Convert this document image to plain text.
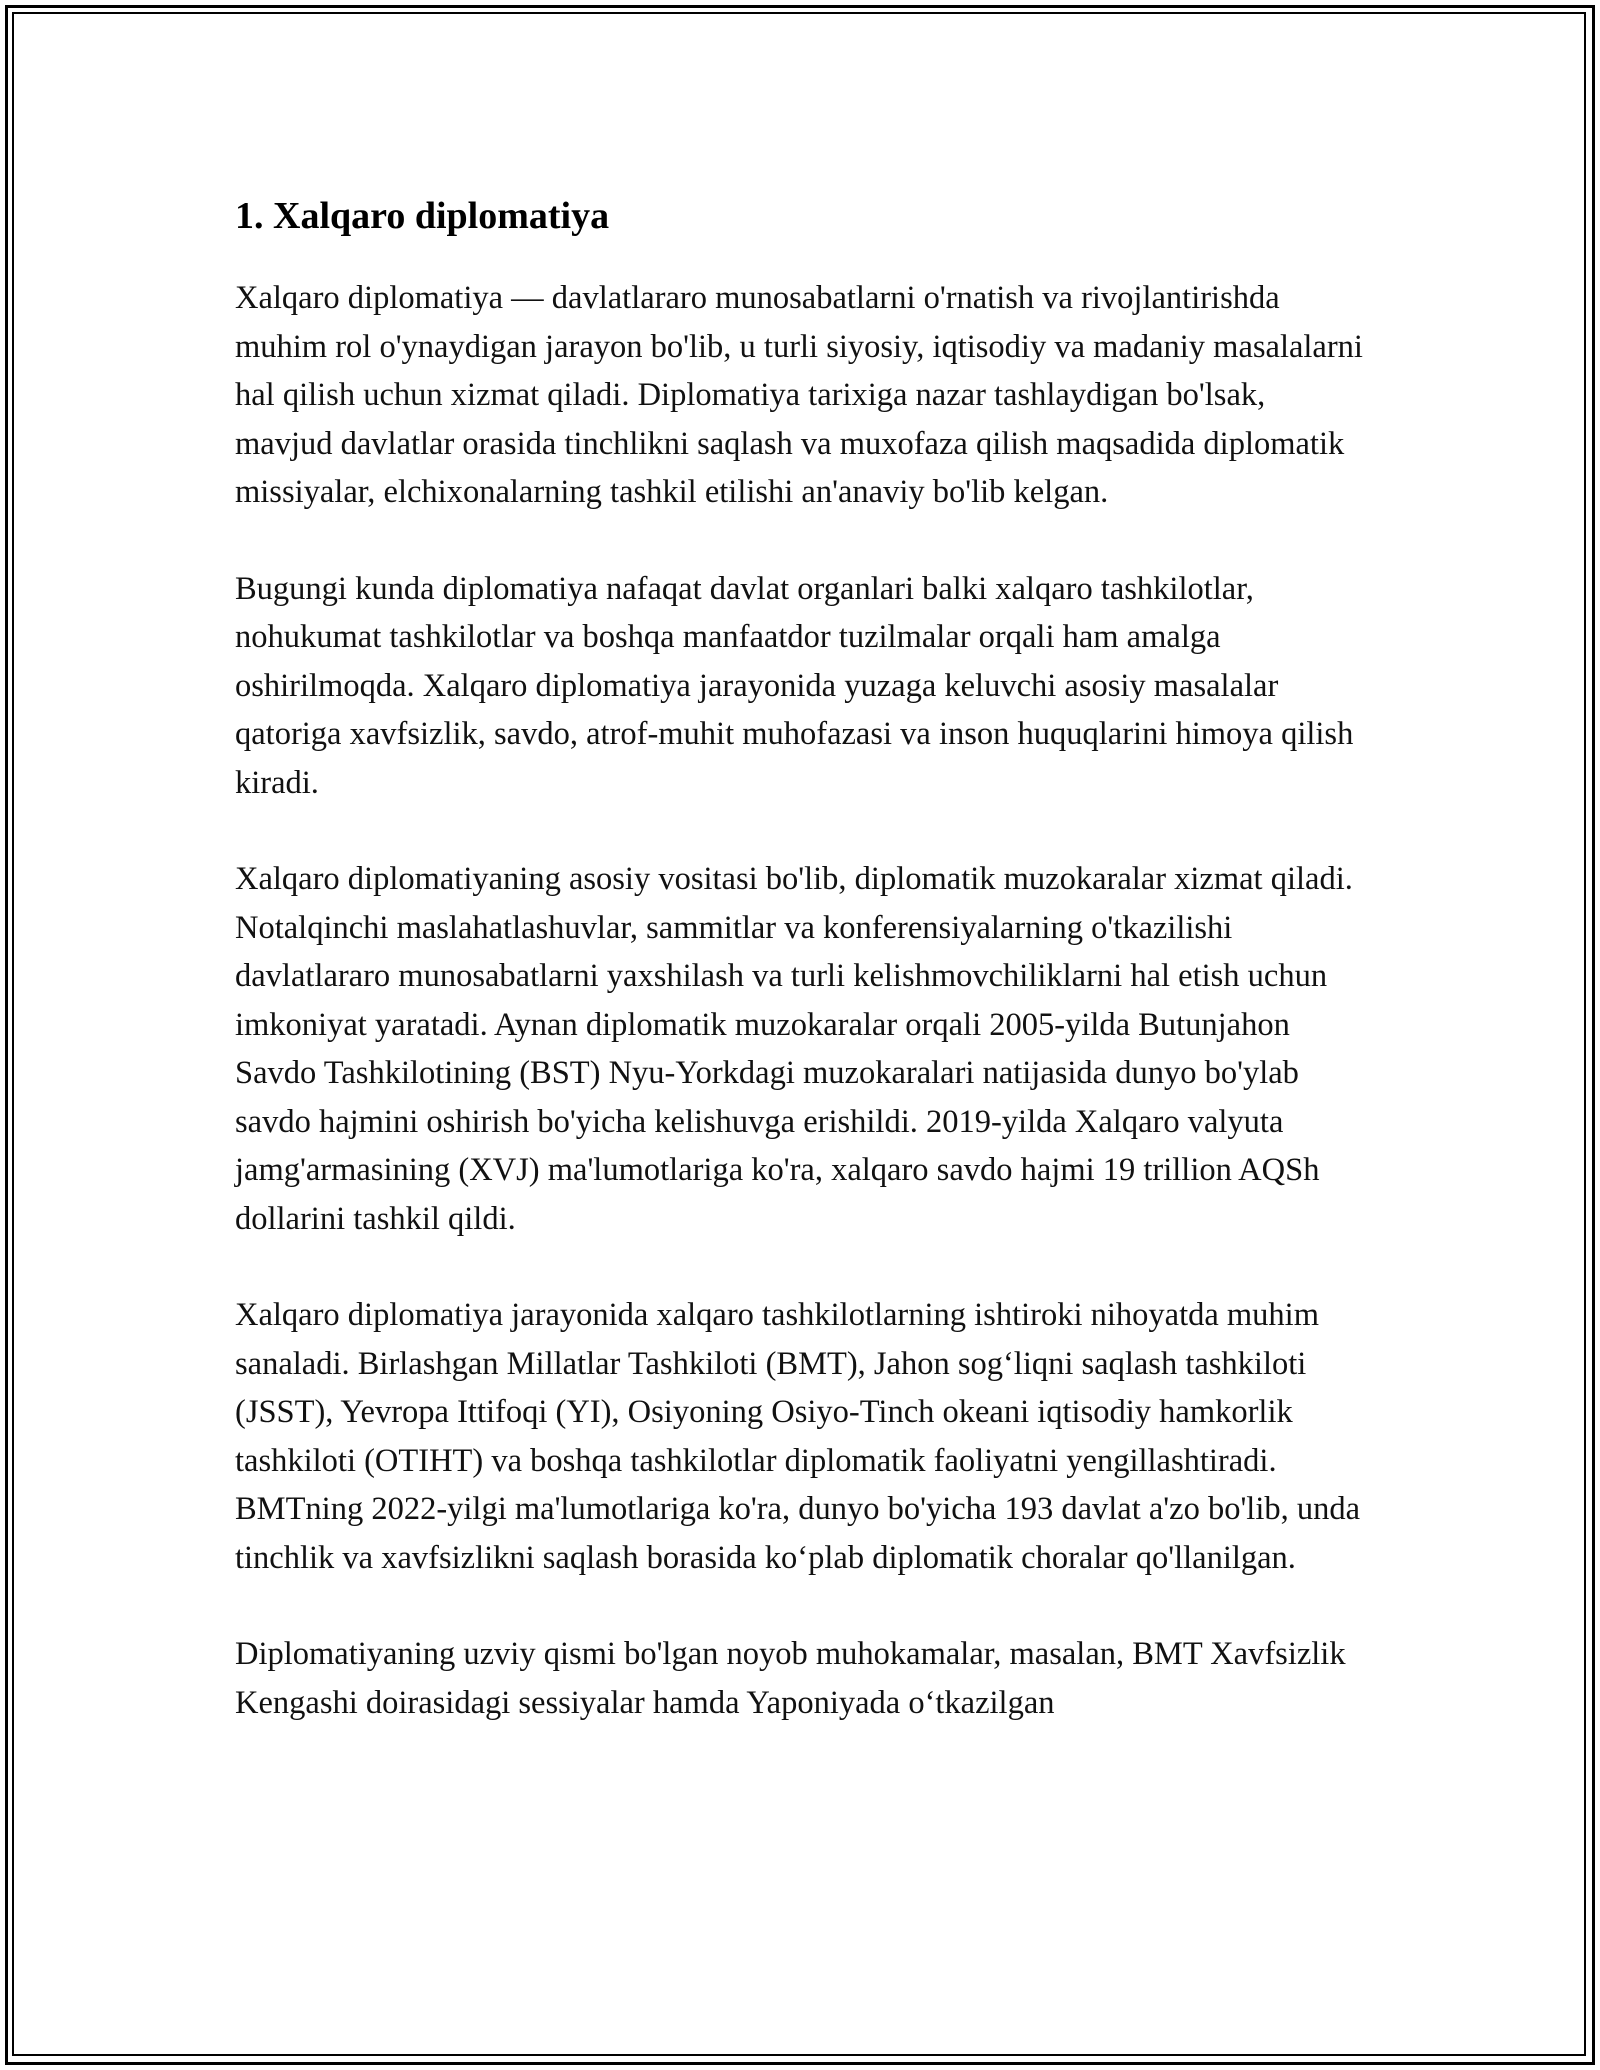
1. Xalqaro diplomatiya

Xalqaro diplomatiya — davlatlararo munosabatlarni o'rnatish va rivojlantirishda muhim rol o'ynaydigan jarayon bo'lib, u turli siyosiy, iqtisodiy va madaniy masalalarni hal qilish uchun xizmat qiladi. Diplomatiya tarixiga nazar tashlaydigan bo'lsak, mavjud davlatlar orasida tinchlikni saqlash va muxofaza qilish maqsadida diplomatik missiyalar, elchixonalarning tashkil etilishi an'anaviy bo'lib kelgan.

Bugungi kunda diplomatiya nafaqat davlat organlari balki xalqaro tashkilotlar, nohukumat tashkilotlar va boshqa manfaatdor tuzilmalar orqali ham amalga oshirilmoqda. Xalqaro diplomatiya jarayonida yuzaga keluvchi asosiy masalalar qatoriga xavfsizlik, savdo, atrof-muhit muhofazasi va inson huquqlarini himoya qilish kiradi.

Xalqaro diplomatiyaning asosiy vositasi bo'lib, diplomatik muzokaralar xizmat qiladi. Notalqinchi maslahatlashuvlar, sammitlar va konferensiyalarning o'tkazilishi davlatlararo munosabatlarni yaxshilash va turli kelishmovchiliklarni hal etish uchun imkoniyat yaratadi. Aynan diplomatik muzokaralar orqali 2005-yilda Butunjahon Savdo Tashkilotining (BST) Nyu-Yorkdagi muzokaralari natijasida dunyo bo'ylab savdo hajmini oshirish bo'yicha kelishuvga erishildi. 2019-yilda Xalqaro valyuta jamg'armasining (XVJ) ma'lumotlariga ko'ra, xalqaro savdo hajmi 19 trillion AQSh dollarini tashkil qildi.

Xalqaro diplomatiya jarayonida xalqaro tashkilotlarning ishtiroki nihoyatda muhim sanaladi. Birlashgan Millatlar Tashkiloti (BMT), Jahon sog‘liqni saqlash tashkiloti (JSST), Yevropa Ittifoqi (YI), Osiyoning Osiyo-Tinch okeani iqtisodiy hamkorlik tashkiloti (OTIHT) va boshqa tashkilotlar diplomatik faoliyatni yengillashtiradi. BMTning 2022-yilgi ma'lumotlariga ko'ra, dunyo bo'yicha 193 davlat a'zo bo'lib, unda tinchlik va xavfsizlikni saqlash borasida ko‘plab diplomatik choralar qo'llanilgan.

Diplomatiyaning uzviy qismi bo'lgan noyob muhokamalar, masalan, BMT Xavfsizlik Kengashi doirasidagi sessiyalar hamda Yaponiyada o‘tkazilgan
